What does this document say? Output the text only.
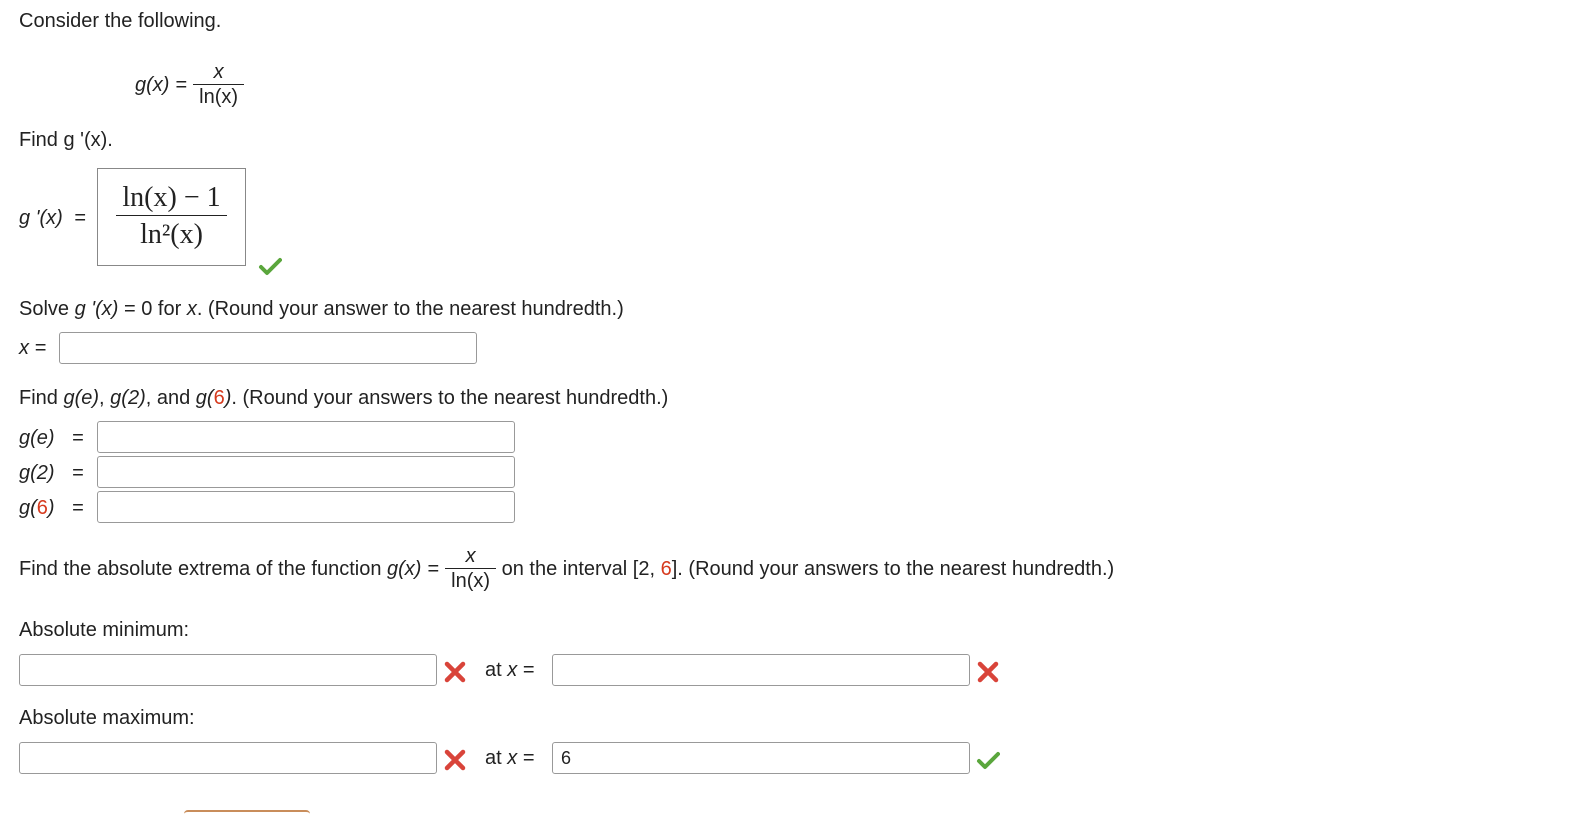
Consider the following.
$g(x) = \frac{x}{\ln(x)}$
Find g '(x).
g '$(x) = \frac{\ln(x) - 1}{\text{ln²(x)}}$
Solve g '(x) = 0 for x. (Round your answer to the nearest hundredth.)
x =
Find g(e), g(2), and g(6). (Round your answers to the nearest hundredth.)
g(e) =
g(2) =
g(6) =
Find the absolute extrema of the function
$g(x) = \frac{x}{\ln(x)}$
on the interval [2,
6 ]. (Round your answers to the nearest hundredth.)
Absolute minimum:
at x =
Absolute maximum:
at x =	6
